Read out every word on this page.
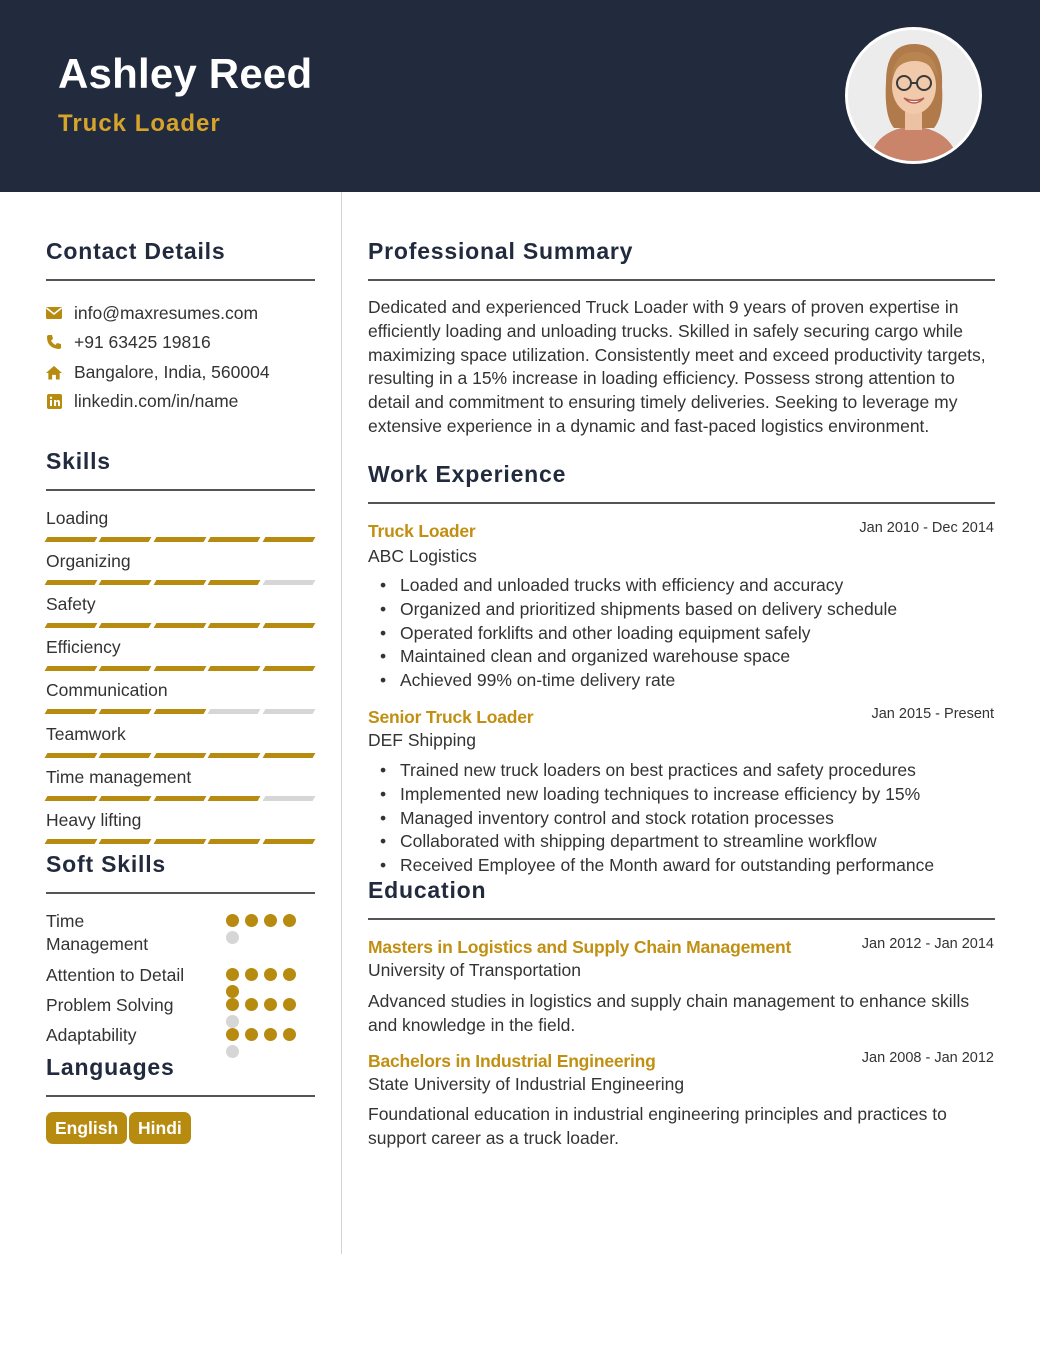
Ashley Reed
Truck Loader
Contact Details
info@maxresumes.com
+91 63425 19816
Bangalore, India, 560004
linkedin.com/in/name
Skills
Loading
Organizing
Safety
Efficiency
Communication
Teamwork
Time management
Heavy lifting
Soft Skills
Time Management
Attention to Detail
Problem Solving
Adaptability
Languages
English	Hindi
Professional Summary
Dedicated and experienced Truck Loader with 9 years of proven expertise in efficiently loading and unloading trucks. Skilled in safely securing cargo while maximizing space utilization. Consistently meet and exceed productivity targets, resulting in a 15% increase in loading efficiency. Possess strong attention to detail and commitment to ensuring timely deliveries. Seeking to leverage my extensive experience in a dynamic and fast-paced logistics environment.
Work Experience
Truck Loader	Jan 2010 - Dec 2014
ABC Logistics
• Loaded and unloaded trucks with efficiency and accuracy
• Organized and prioritized shipments based on delivery schedule
• Operated forklifts and other loading equipment safely
• Maintained clean and organized warehouse space
• Achieved 99% on-time delivery rate
Senior Truck Loader	Jan 2015 - Present
DEF Shipping
• Trained new truck loaders on best practices and safety procedures
• Implemented new loading techniques to increase efficiency by 15%
• Managed inventory control and stock rotation processes
• Collaborated with shipping department to streamline workflow
• Received Employee of the Month award for outstanding performance
Education
Masters in Logistics and Supply Chain Management	Jan 2012 - Jan 2014
University of Transportation
Advanced studies in logistics and supply chain management to enhance skills and knowledge in the field.
Bachelors in Industrial Engineering	Jan 2008 - Jan 2012
State University of Industrial Engineering
Foundational education in industrial engineering principles and practices to support career as a truck loader.
